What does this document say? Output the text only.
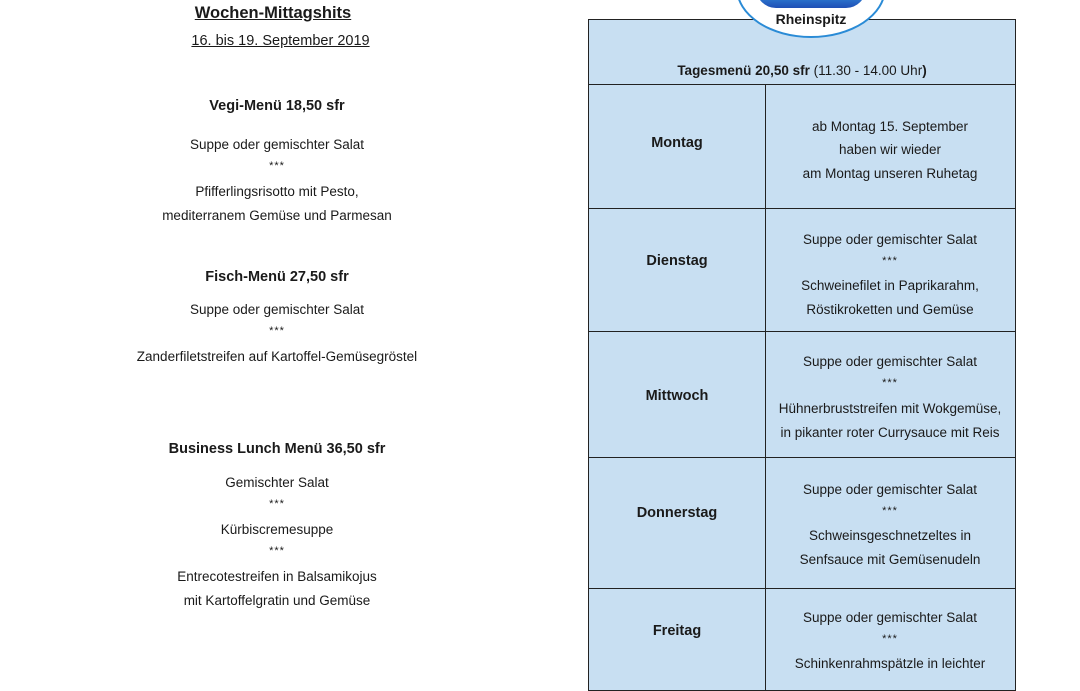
Wochen-Mittagshits
16. bis 19. September 2019
Vegi-Menü 18,50 sfr
Suppe oder gemischter Salat
***
Pfifferlingsrisotto mit Pesto,
mediterranem Gemüse und Parmesan
Fisch-Menü 27,50 sfr
Suppe oder gemischter Salat
***
Zanderfiletstreifen auf Kartoffel-Gemüsegröstel
Business Lunch Menü 36,50 sfr
Gemischter Salat
***
Kürbiscremesuppe
***
Entrecotestreifen in Balsamikojus
mit Kartoffelgratin und Gemüse
Tagesmenü 20,50 sfr (11.30 - 14.00 Uhr)
Montag
ab Montag 15. September
haben wir wieder
am Montag unseren Ruhetag
Dienstag
Suppe oder gemischter Salat
***
Schweinefilet in Paprikarahm,
Röstikroketten und Gemüse
Mittwoch
Suppe oder gemischter Salat
***
Hühnerbruststreifen mit Wokgemüse,
in pikanter roter Currysauce mit Reis
Donnerstag
Suppe oder gemischter Salat
***
Schweinsgeschnetzeltes in
Senfsauce mit Gemüsenudeln
Freitag
Suppe oder gemischter Salat
***
Schinkenrahmspätzle in leichter
Rheinspitz
